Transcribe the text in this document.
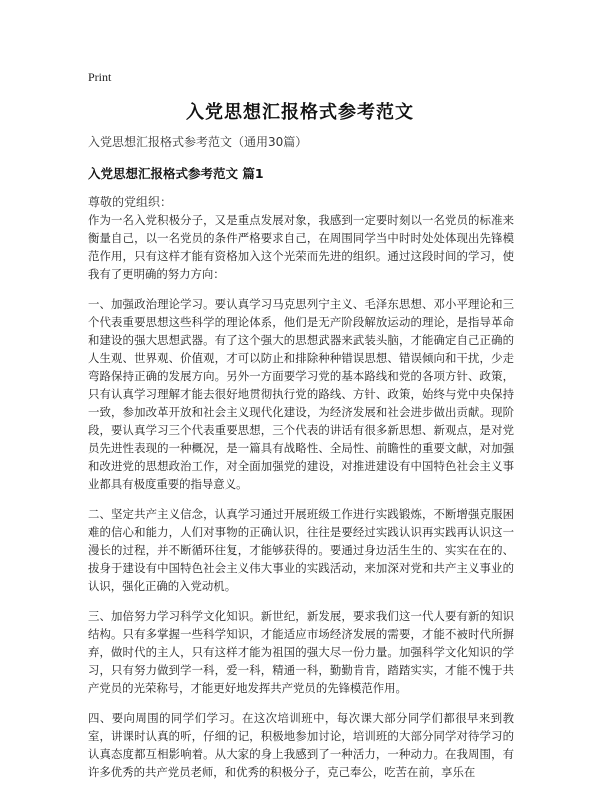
Print
入党思想汇报格式参考范文
入党思想汇报格式参考范文（通用30篇）
入党思想汇报格式参考范文 篇1
尊敬的党组织：

作为一名入党积极分子，又是重点发展对象，我感到一定要时刻以一名党员的标准来衡量自己，以一名党员的条件严格要求自己，在周围同学当中时时处处体现出先锋模范作用，只有这样才能有资格加入这个光荣而先进的组织。通过这段时间的学习，使我有了更明确的努力方向：

一、加强政治理论学习。要认真学习马克思列宁主义、毛泽东思想、邓小平理论和三个代表重要思想这些科学的理论体系，他们是无产阶段解放运动的理论，是指导革命和建设的强大思想武器。有了这个强大的思想武器来武装头脑，才能确定自己正确的人生观、世界观、价值观，才可以防止和排除种种错误思想、错误倾向和干扰，少走弯路保持正确的发展方向。另外一方面要学习党的基本路线和党的各项方针、政策，只有认真学习理解才能去很好地贯彻执行党的路线、方针、政策，始终与党中央保持一致，参加改革开放和社会主义现代化建设，为经济发展和社会进步做出贡献。现阶段，要认真学习三个代表重要思想，三个代表的讲话有很多新思想、新观点，是对党员先进性表现的一种概况，是一篇具有战略性、全局性、前瞻性的重要文献，对加强和改进党的思想政治工作，对全面加强党的建设，对推进建设有中国特色社会主义事业都具有极度重要的指导意义。

二、坚定共产主义信念，认真学习通过开展班级工作进行实践锻炼，不断增强克服困难的信心和能力，人们对事物的正确认识，往往是要经过实践认识再实践再认识这一漫长的过程，并不断循环往复，才能够获得的。要通过身边活生生的、实实在在的、拔身于建设有中国特色社会主义伟大事业的实践活动，来加深对党和共产主义事业的认识，强化正确的入党动机。

三、加倍努力学习科学文化知识。新世纪，新发展，要求我们这一代人要有新的知识结构。只有多掌握一些科学知识，才能适应市场经济发展的需要，才能不被时代所摒弃，做时代的主人，只有这样才能为祖国的强大尽一份力量。加强科学文化知识的学习，只有努力做到学一科，爱一科，精通一科，勤勤肯肯，踏踏实实，才能不愧于共产党员的光荣称号，才能更好地发挥共产党员的先锋模范作用。

四、要向周围的同学们学习。在这次培训班中，每次课大部分同学们都很早来到教室，讲课时认真的听，仔细的记，积极地参加讨论，培训班的大部分同学对待学习的认真态度都互相影响着。从大家的身上我感到了一种活力，一种动力。在我周围，有许多优秀的共产党员老师，和优秀的积极分子，克己奉公，吃苦在前，享乐在
